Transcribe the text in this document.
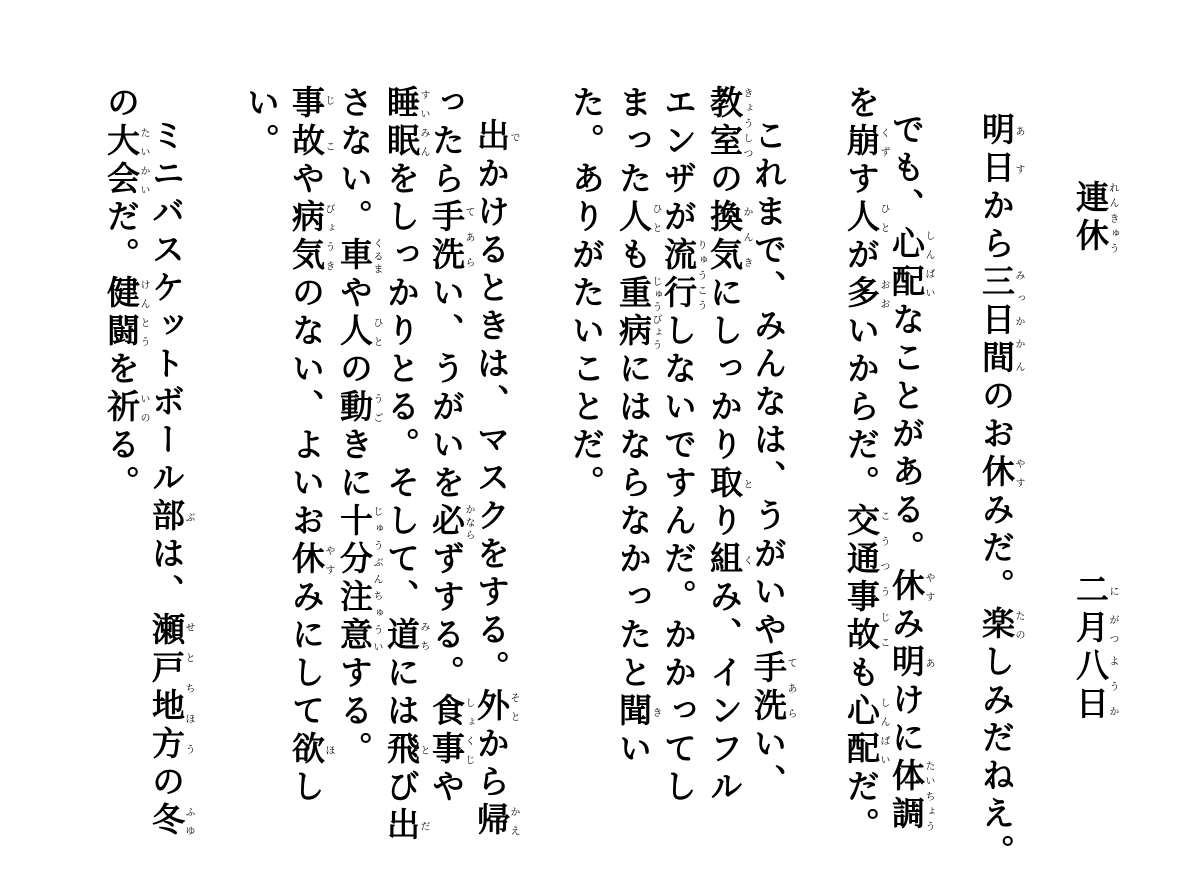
連休れんきゅう
二に月がつ八日ようか
明あ日すから三日間みっかかんのお休やすみだ。楽たのしみだねえ。
でも、心配しんぱいなことがある。休やすみ明あけに体調たいちょう
を崩くずす人ひとが多おおいからだ。交通事故こうつうじこも心配しんぱいだ。
これまで、みんなは、うがいや手洗てあらい、
教室きょうしつの換気かんきにしっかり取とり組くみ、インフル
エンザが流行りゅうこうしないですんだ。かかってし
まった人ひとも重病じゅうびょうにはならなかったと聞きい
た。ありがたいことだ。
出でかけるときは、マスクをする。外そとから帰かえ
ったら手洗てあらい、うがいを必かならずする。食事しょくじや
睡眠すいみんをしっかりとる。そして、道みちには飛とび出だ
さない。車くるまや人ひとの動うごきに十分注意じゅうぶんちゅういする。
事故じこや病気びょうきのない、よいお休やすみにして欲ほし
い。
ミニバスケットボール部ぶは、瀬戸地方せとちほうの冬ふゆ
の大会たいかいだ。健闘けんとうを祈いのる。
